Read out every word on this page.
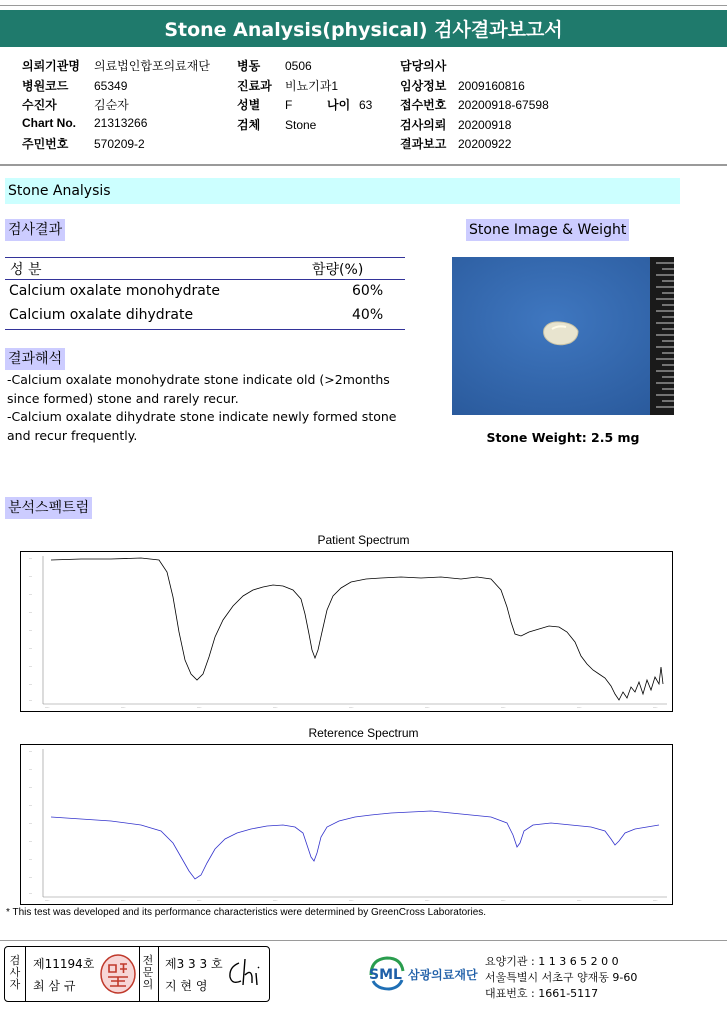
Stone Analysis(physical) 검사결과보고서
의뢰기관명 의료법인합포의료재단
병원코드 65349
수진자	김순자
Chart No. 21313266
주민번호 570209-2
병동 0506
진료과 비뇨기과1
성별 F	나이 63
검체 Stone
담당의사
임상정보 2009160816
접수번호 20200918-67598
검사의뢰 20200918
결과보고 20200922
Stone Analysis
검사결과
성 분	함량(%)
Calcium oxalate monohydrate	60%
Calcium oxalate dihydrate	40%
Stone Image & Weight
Stone Weight: 2.5 mg
결과해석
-Calcium oxalate monohydrate stone indicate old (>2months
since formed) stone and rarely recur.
-Calcium oxalate dihydrate stone indicate newly formed stone
and recur frequently.
분석스펙트럼
Patient Spectrum
···
···
···
···
···
···
···
···
···
····	····	····	····	····	····	····	····	····
Reterence Spectrum
···
···
···
···
···
···
···
···
···
····	····	····	····	····	····	····	····	····
* This test was developed and its performance characteristics were determined by GreenCross Laboratories.
검
사
자
제11194호
최 삼 규
전
문
의
제3 3 3 호
지 현 영
SML 삼광의료재단
요양기관 : 1 1 3 6 5 2 0 0
서울특별시 서초구 양재동 9-60
대표번호 : 1661-5117
